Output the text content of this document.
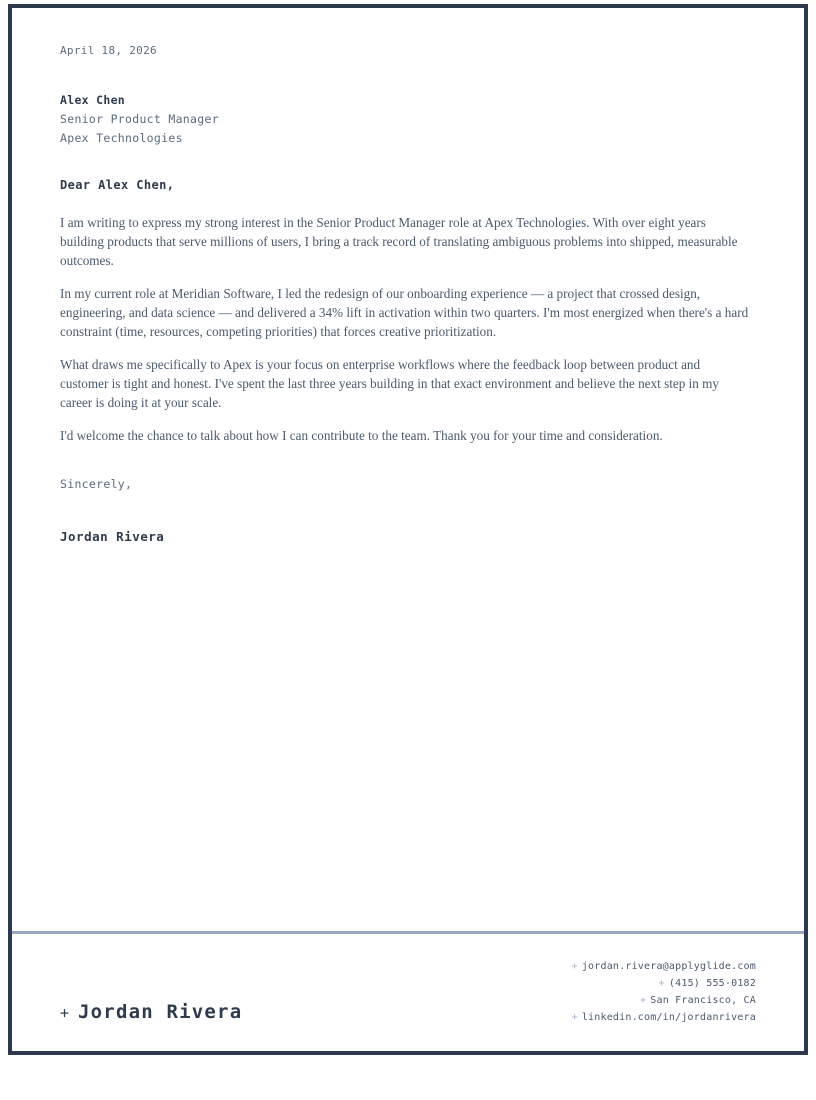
April 18, 2026
Alex Chen
Senior Product Manager
Apex Technologies
Dear Alex Chen,

I am writing to express my strong interest in the Senior Product Manager role at Apex Technologies. With over eight years building products that serve millions of users, I bring a track record of translating ambiguous problems into shipped, measurable outcomes.

In my current role at Meridian Software, I led the redesign of our onboarding experience — a project that crossed design, engineering, and data science — and delivered a 34% lift in activation within two quarters. I'm most energized when there's a hard constraint (time, resources, competing priorities) that forces creative prioritization.

What draws me specifically to Apex is your focus on enterprise workflows where the feedback loop between product and customer is tight and honest. I've spent the last three years building in that exact environment and believe the next step in my career is doing it at your scale.

I'd welcome the chance to talk about how I can contribute to the team. Thank you for your time and consideration.

Sincerely,
Jordan Rivera
+ jordan.rivera@applyglide.com
+ (415) 555-0182
+ San Francisco, CA
+ linkedin.com/in/jordanrivera
+ Jordan Rivera
